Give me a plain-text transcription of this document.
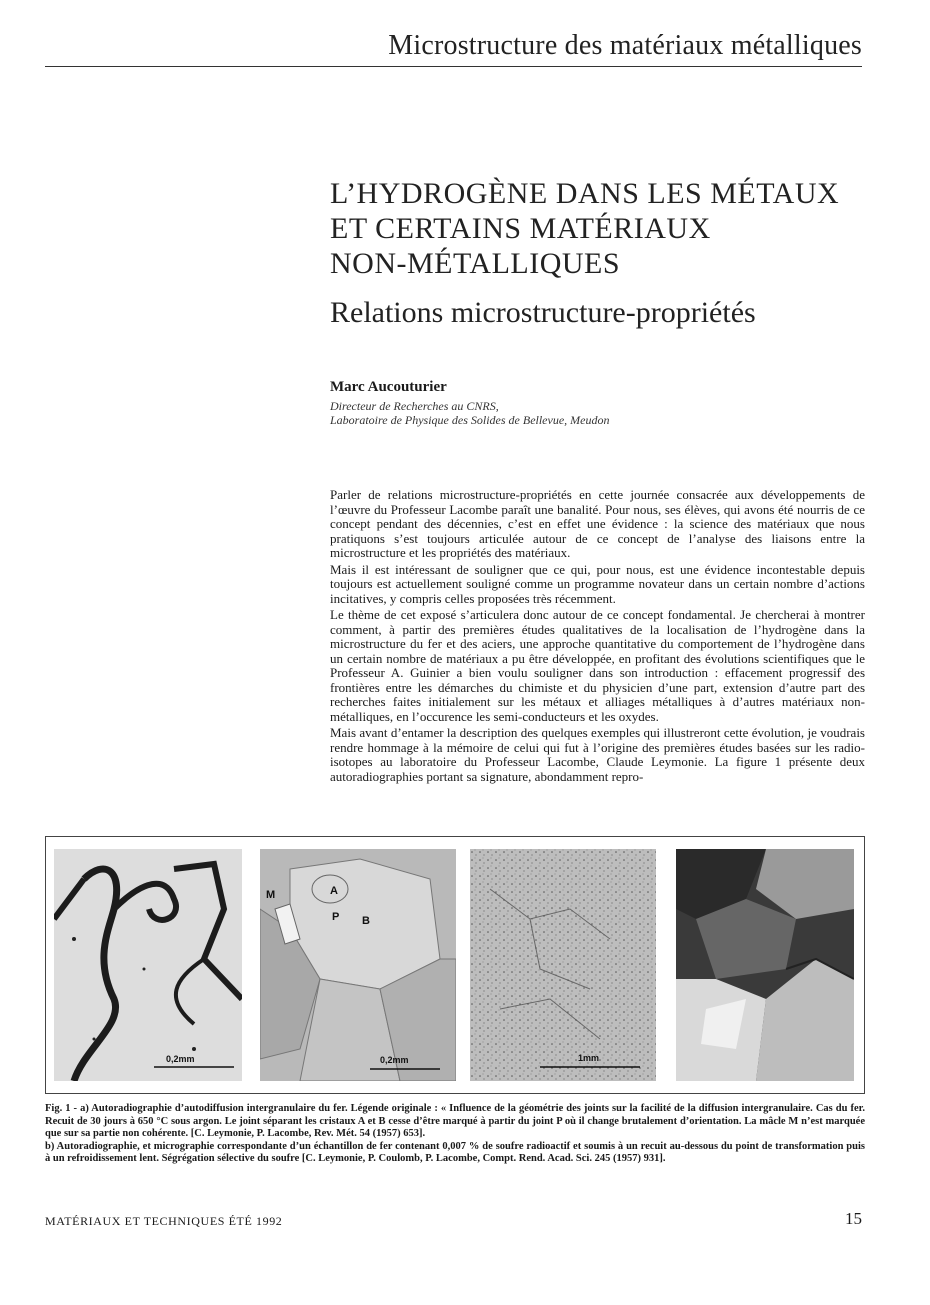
Microstructure des matériaux métalliques
L’HYDROGÈNE DANS LES MÉTAUX
ET CERTAINS MATÉRIAUX
NON-MÉTALLIQUES
Relations microstructure-propriétés
Marc Aucouturier
Directeur de Recherches au CNRS,
Laboratoire de Physique des Solides de Bellevue, Meudon

Parler de relations microstructure-propriétés en cette journée consacrée aux développements de l’œuvre du Professeur Lacombe paraît une banalité. Pour nous, ses élèves, qui avons été nourris de ce concept pendant des décennies, c’est en effet une évidence : la science des matériaux que nous pratiquons s’est toujours articulée autour de ce concept de l’analyse des liaisons entre la microstructure et les propriétés des matériaux.

Mais il est intéressant de souligner que ce qui, pour nous, est une évidence incontestable depuis toujours est actuellement souligné comme un programme novateur dans un certain nombre d’actions incitatives, y compris celles proposées très récemment.

Le thème de cet exposé s’articulera donc autour de ce concept fondamental. Je chercherai à montrer comment, à partir des premières études qualitatives de la localisation de l’hydrogène dans la microstructure du fer et des aciers, une approche quantitative du comportement de l’hydrogène dans un certain nombre de matériaux a pu être développée, en profitant des évolutions scientifiques que le Professeur A. Guinier a bien voulu souligner dans son introduction : effacement progressif des frontières entre les démarches du chimiste et du physicien d’une part, extension d’autre part des recherches faites initialement sur les métaux et alliages métalliques à d’autres matériaux non-métalliques, en l’occurence les semi-conducteurs et les oxydes.

Mais avant d’entamer la description des quelques exemples qui illustreront cette évolution, je voudrais rendre hommage à la mémoire de celui qui fut à l’origine des premières études basées sur les radio-isotopes au laboratoire du Professeur Lacombe, Claude Leymonie. La figure 1 présente deux autoradiographies portant sa signature, abondamment repro-

0,2mm
M	A
P B
0,2mm	1mm

Fig. 1 - a) Autoradiographie d’autodiffusion intergranulaire du fer. Légende originale : « Influence de la géométrie des joints sur la facilité de la diffusion intergranulaire. Cas du fer. Recuit de 30 jours à 650 °C sous argon. Le joint séparant les cristaux A et B cesse d’être marqué à partir du joint P où il change brutalement d’orientation. La mâcle M n’est marquée que sur sa partie non cohérente. [C. Leymonie, P. Lacombe, Rev. Mét. 54 (1957) 653].

b) Autoradiographie, et micrographie correspondante d’un échantillon de fer contenant 0,007 % de soufre radioactif et soumis à un recuit au-dessous du point de transformation puis à un refroidissement lent. Ségrégation sélective du soufre [C. Leymonie, P. Coulomb, P. Lacombe, Compt. Rend. Acad. Sci. 245 (1957) 931].

MATÉRIAUX ET TECHNIQUES ÉTÉ 1992	15
